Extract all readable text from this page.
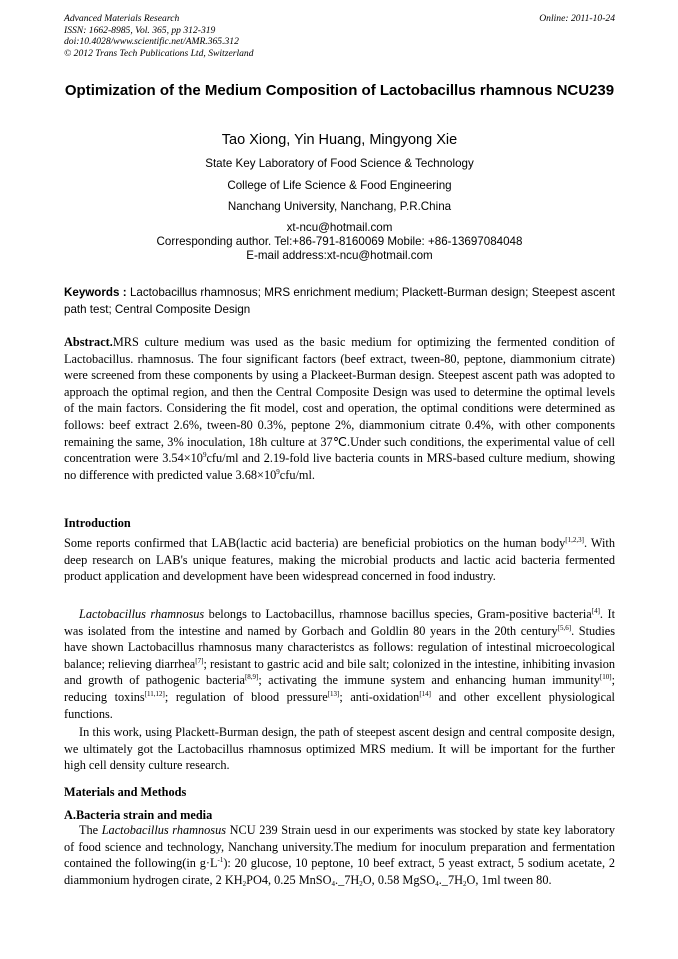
Advanced Materials Research
ISSN: 1662-8985, Vol. 365, pp 312-319
doi:10.4028/www.scientific.net/AMR.365.312
© 2012 Trans Tech Publications Ltd, Switzerland
Online: 2011-10-24
Optimization of the Medium Composition of Lactobacillus rhamnous NCU239
Tao Xiong, Yin Huang, Mingyong Xie
State Key Laboratory of Food Science & Technology
College of Life Science & Food Engineering
Nanchang University, Nanchang, P.R.China
xt-ncu@hotmail.com
Corresponding author. Tel:+86-791-8160069 Mobile: +86-13697084048
E-mail address:xt-ncu@hotmail.com
Keywords : Lactobacillus rhamnosus; MRS enrichment medium; Plackett-Burman design; Steepest ascent path test; Central Composite Design
Abstract.MRS culture medium was used as the basic medium for optimizing the fermented condition of Lactobacillus. rhamnosus. The four significant factors (beef extract, tween-80, peptone, diammonium citrate) were screened from these components by using a Plackeet-Burman design. Steepest ascent path was adopted to approach the optimal region, and then the Central Composite Design was used to determine the optimal levels of the main factors. Considering the fit model, cost and operation, the optimal conditions were determined as follows: beef extract 2.6%, tween-80 0.3%, peptone 2%, diammonium citrate 0.4%, with other components remaining the same, 3% inoculation, 18h culture at 37℃.Under such conditions, the experimental value of cell concentration were $3.54\times 10^9cfu/ml$ and 2.19-fold live bacteria counts in MRS-based culture medium, showing no difference with predicted value $3.68\times 10^9cfu/ml$.
Introduction
Some reports confirmed that LAB(lactic acid bacteria) are beneficial probiotics on the human body[1,2,3]. With deep research on LAB's unique features, making the microbial products and lactic acid bacteria fermented product application and development have been widespread concerned in food industry.
Lactobacillus rhamnosus belongs to Lactobacillus, rhamnose bacillus species, Gram-positive bacteria[4]. It was isolated from the intestine and named by Gorbach and Goldlin 80 years in the 20th century[5,6]. Studies have shown Lactobacillus rhamnosus many characteristcs as follows: regulation of intestinal microecological balance; relieving diarrhea[7]; resistant to gastric acid and bile salt; colonized in the intestine, inhibiting invasion and growth of pathogenic bacteria[8,9]; activating the immune system and enhancing human immunity[10]; reducing toxins[11,12]; regulation of blood pressure[13]; anti-oxidation[14] and other excellent physiological functions.
In this work, using Plackett-Burman design, the path of steepest ascent design and central composite design, we ultimately got the Lactobacillus rhamnosus optimized MRS medium. It will be important for the further high cell density culture research.
Materials and Methods
A.Bacteria strain and media
The Lactobacillus rhamnosus NCU 239 Strain uesd in our experiments was stocked by state key laboratory of food science and technology, Nanchang university.The medium for inoculum preparation and fermentation contained the following(in $g\cdot L^{-1}$): 20 glucose, 10 peptone, 10 beef extract, 5 yeast extract, 5 sodium acetate, 2 diammonium hydrogen cirate, 2 $KH_2PO4$, 0.25 $MnSO_4.\_7H_2O$, 0.58 $MgSO_4.\_7H_2O$, 1ml tween 80.
